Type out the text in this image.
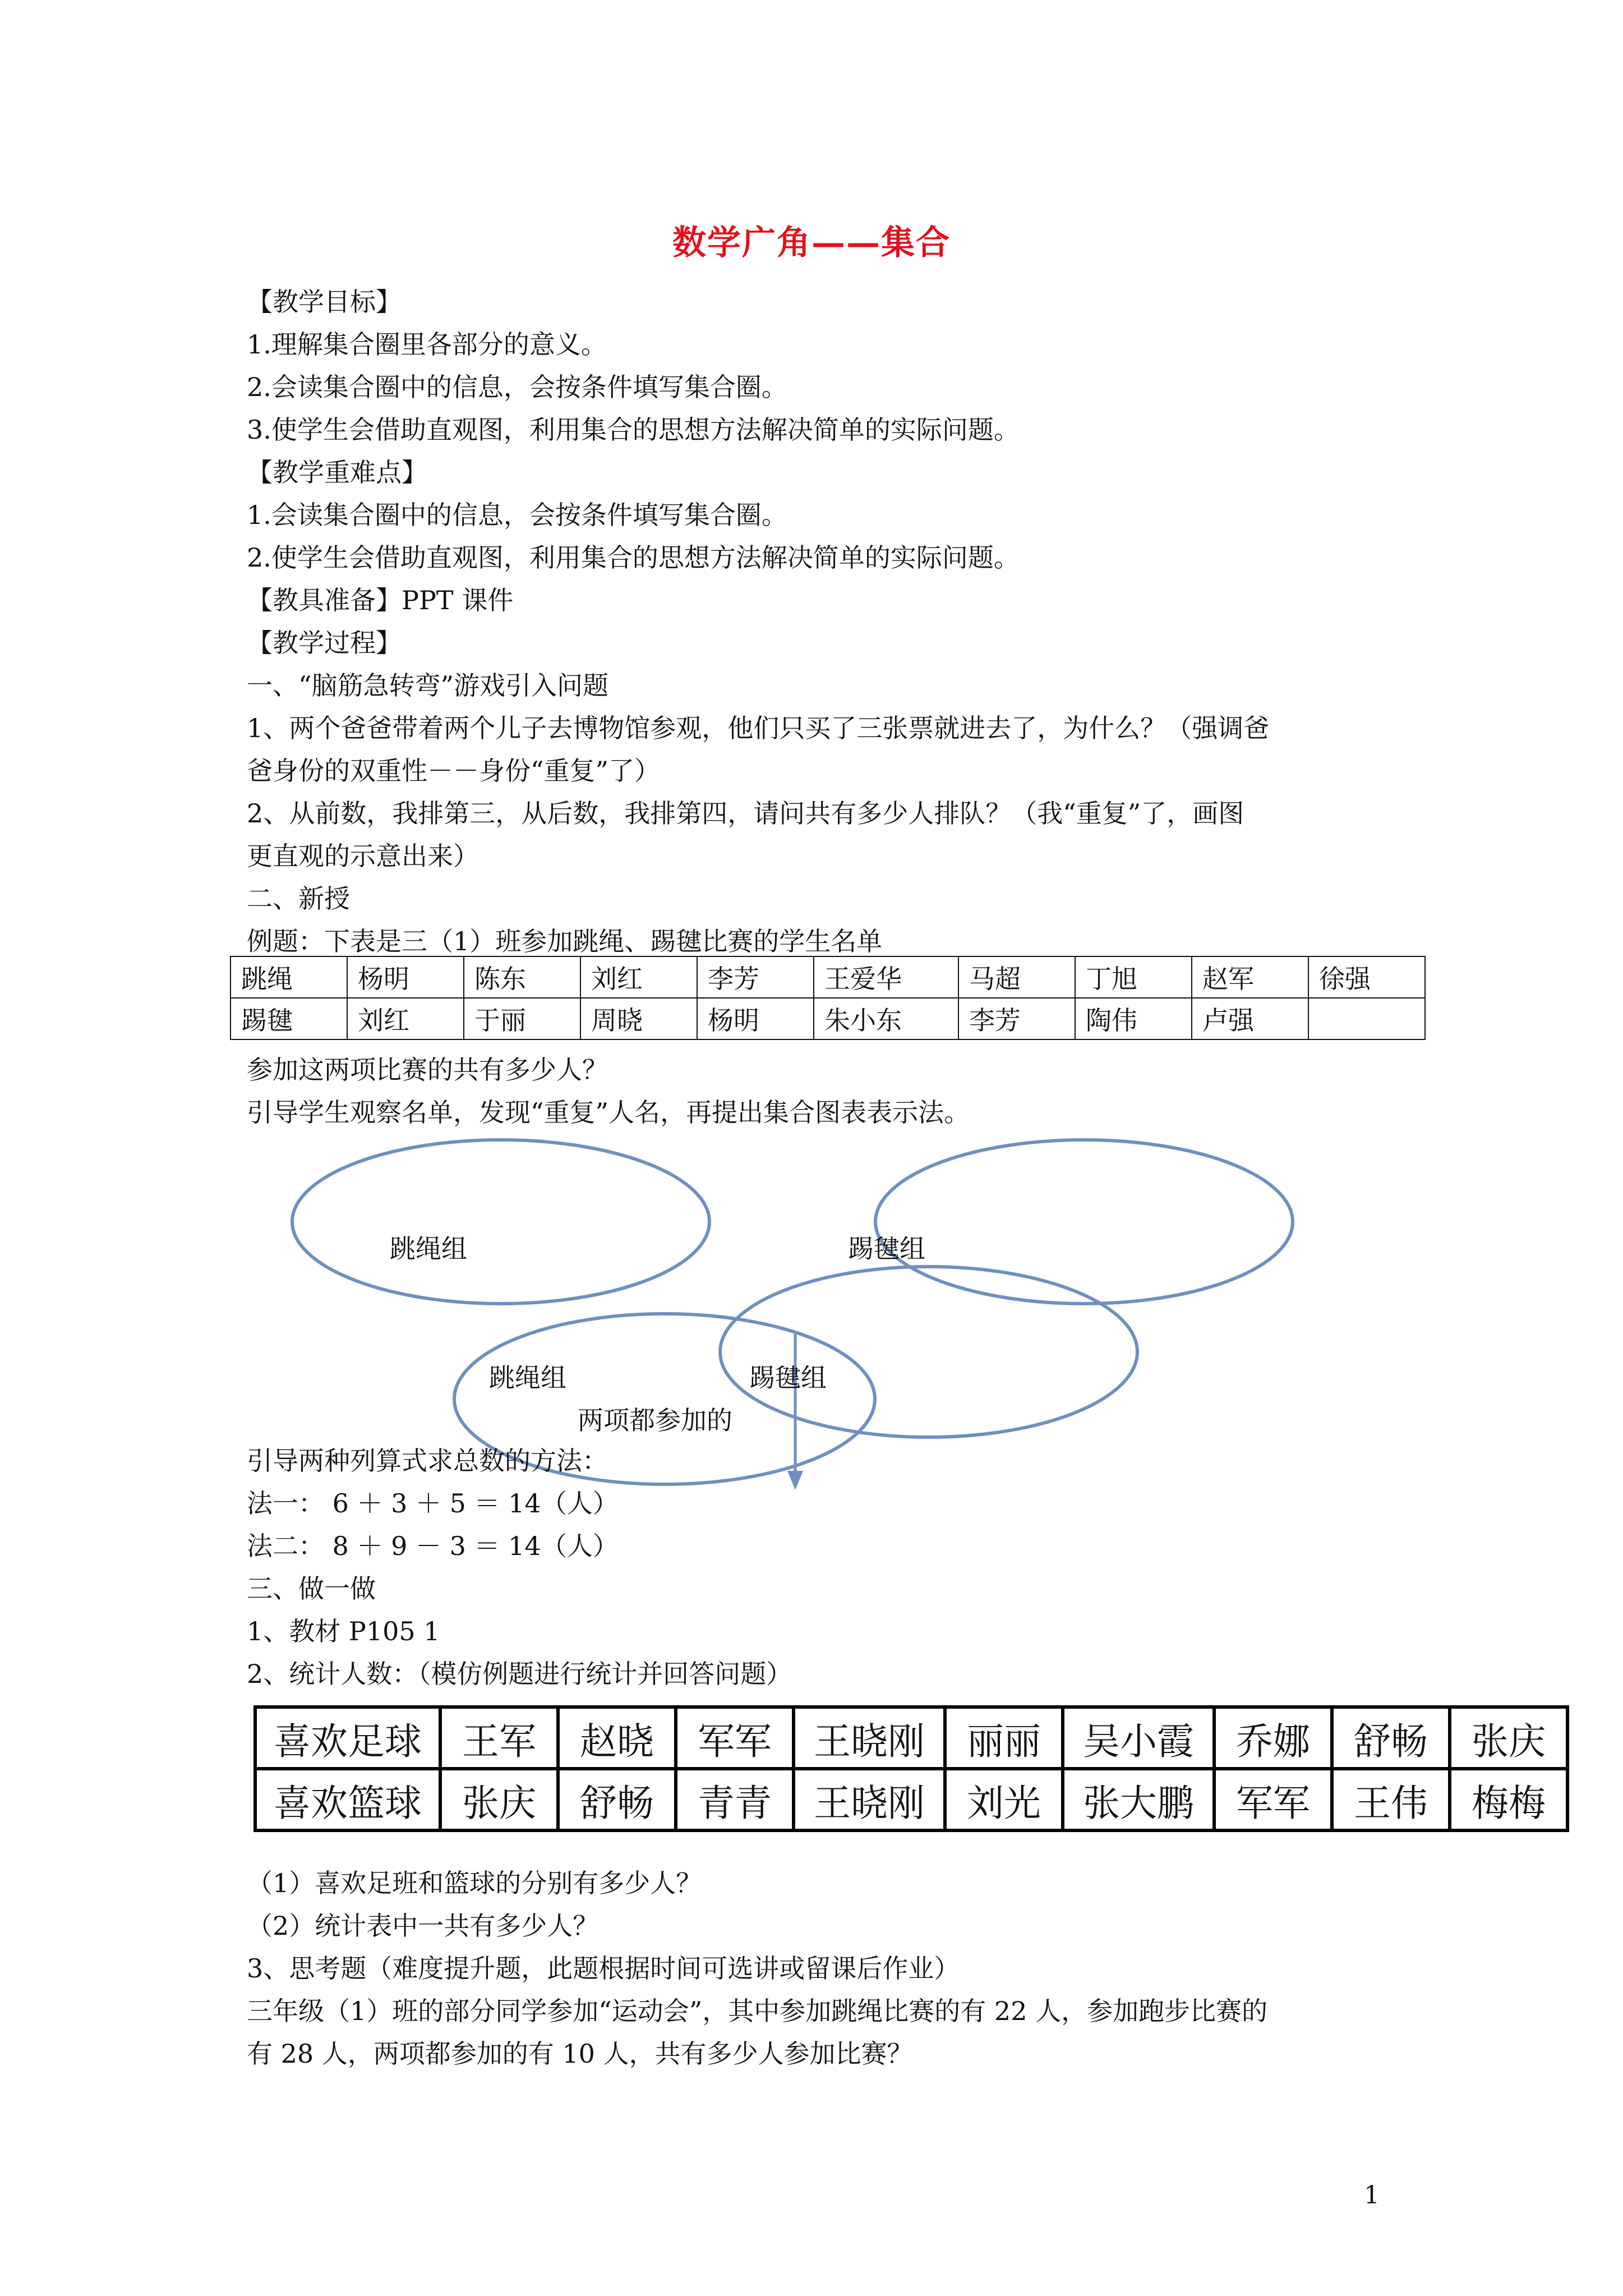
数学广角——集合
【教学目标】
1.理解集合圈里各部分的意义。
2.会读集合圈中的信息，会按条件填写集合圈。
3.使学生会借助直观图，利用集合的思想方法解决简单的实际问题。
【教学重难点】
1.会读集合圈中的信息，会按条件填写集合圈。
2.使学生会借助直观图，利用集合的思想方法解决简单的实际问题。
【教具准备】PPT 课件
【教学过程】
一、“脑筋急转弯”游戏引入问题
1、两个爸爸带着两个儿子去博物馆参观，他们只买了三张票就进去了，为什么？（强调爸
爸身份的双重性－－身份“重复”了）
2、从前数，我排第三，从后数，我排第四，请问共有多少人排队？（我“重复”了，画图
更直观的示意出来）
二、新授
例题：下表是三（1）班参加跳绳、踢毽比赛的学生名单
跳绳	杨明	陈东	刘红	李芳	王爱华	马超	丁旭	赵军	徐强
踢毽	刘红	于丽	周晓	杨明	朱小东	李芳	陶伟	卢强	
参加这两项比赛的共有多少人？
引导学生观察名单，发现“重复”人名，再提出集合图表表示法。
跳绳组	踢毽组
跳绳组	踢毽组
两项都参加的
引导两种列算式求总数的方法：
法一： 6 ＋ 3 ＋ 5 ＝ 14（人）
法二： 8 ＋ 9 － 3 ＝ 14（人）
三、做一做
1、教材 P105 1
2、统计人数：（模仿例题进行统计并回答问题）
喜欢足球	王军	赵晓	军军	王晓刚	丽丽	吴小霞	乔娜	舒畅	张庆
喜欢篮球	张庆	舒畅	青青	王晓刚	刘光	张大鹏	军军	王伟	梅梅
（1）喜欢足班和篮球的分别有多少人？
（2）统计表中一共有多少人？
3、思考题（难度提升题，此题根据时间可选讲或留课后作业）
三年级（1）班的部分同学参加“运动会”，其中参加跳绳比赛的有 22 人，参加跑步比赛的
有 28 人，两项都参加的有 10 人，共有多少人参加比赛？
1
